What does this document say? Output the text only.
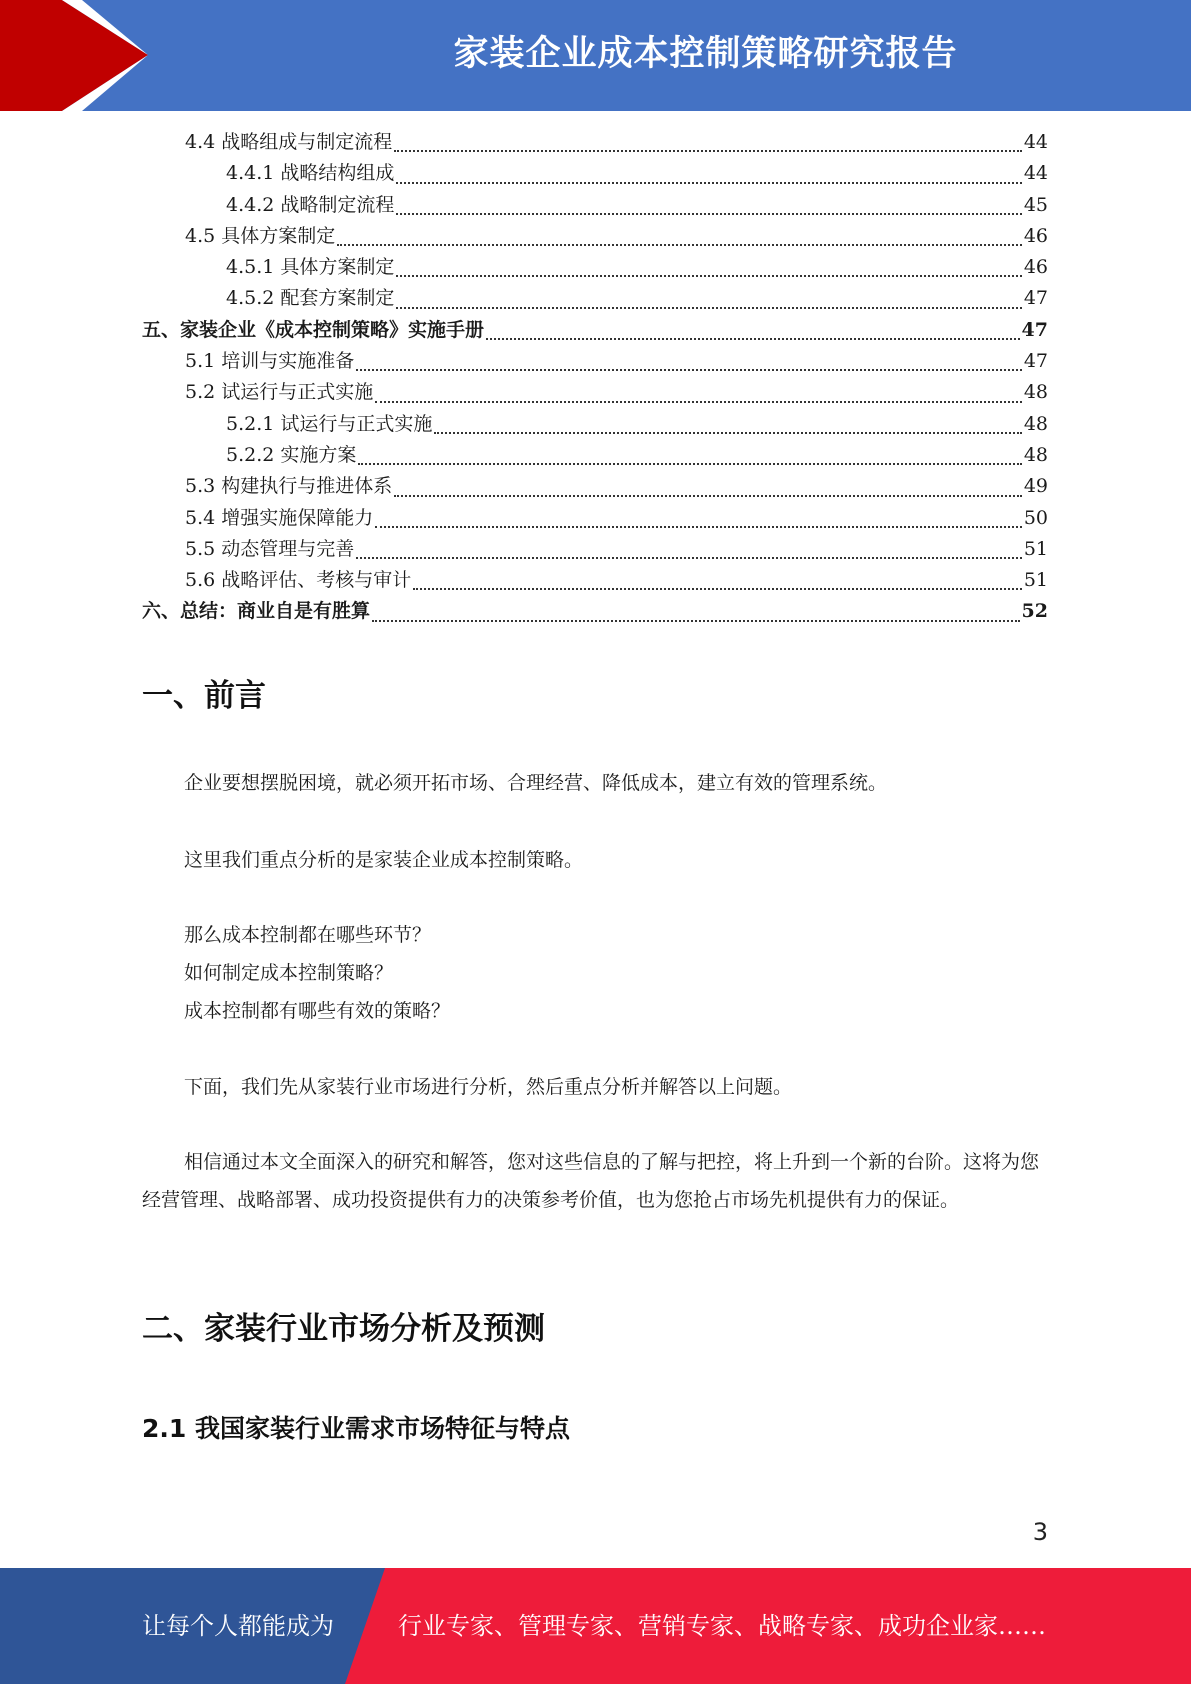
家装企业成本控制策略研究报告
4.4 战略组成与制定流程	44
4.4.1 战略结构组成	44
4.4.2 战略制定流程	45
4.5 具体方案制定	46
4.5.1 具体方案制定	46
4.5.2 配套方案制定	47
五、家装企业《成本控制策略》实施手册	47
5.1 培训与实施准备	47
5.2 试运行与正式实施	48
5.2.1 试运行与正式实施	48
5.2.2 实施方案	48
5.3 构建执行与推进体系	49
5.4 增强实施保障能力	50
5.5 动态管理与完善	51
5.6 战略评估、考核与审计	51
六、总结：商业自是有胜算	52
一、前言

企业要想摆脱困境，就必须开拓市场、合理经营、降低成本，建立有效的管理系统。

这里我们重点分析的是家装企业成本控制策略。

那么成本控制都在哪些环节？
如何制定成本控制策略？
成本控制都有哪些有效的策略？

下面，我们先从家装行业市场进行分析，然后重点分析并解答以上问题。

相信通过本文全面深入的研究和解答，您对这些信息的了解与把控，将上升到一个新的台阶。这将为您经营管理、战略部署、成功投资提供有力的决策参考价值，也为您抢占市场先机提供有力的保证。

二、家装行业市场分析及预测
2.1 我国家装行业需求市场特征与特点
3
让每个人都能成为	行业专家、管理专家、营销专家、战略专家、成功企业家……
